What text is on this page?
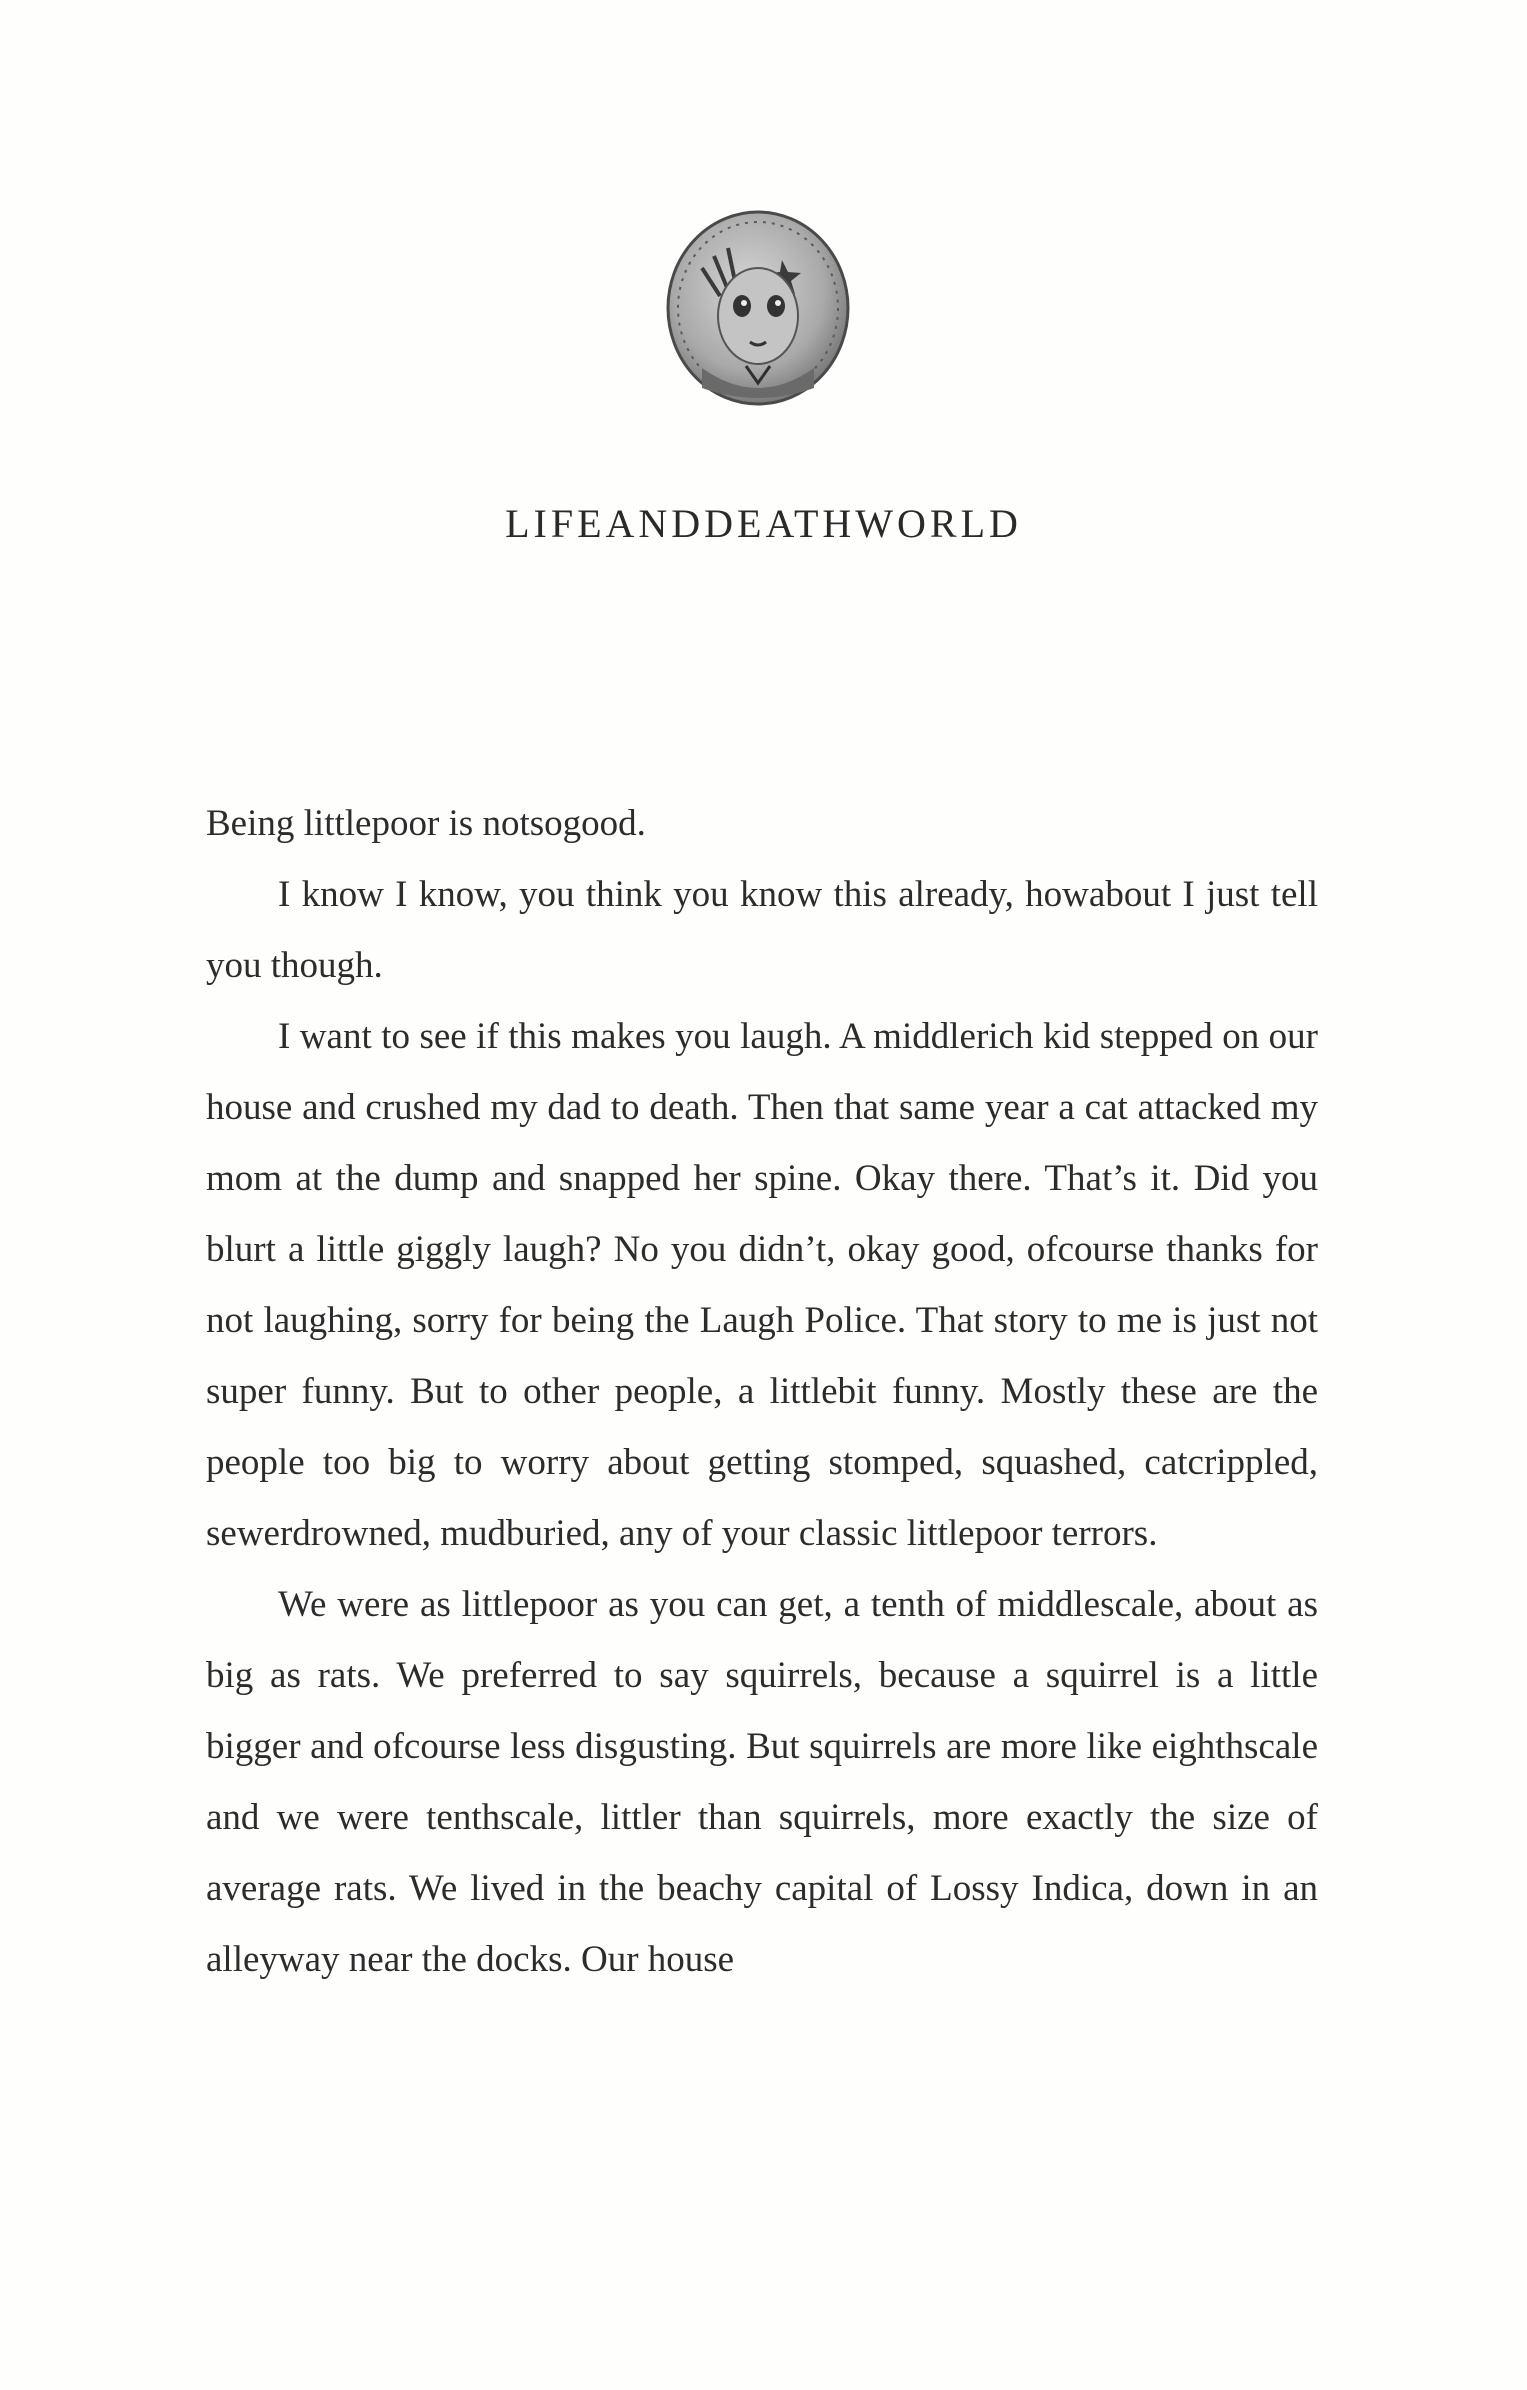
LIFEANDDEATHWORLD

Being littlepoor is notsogood.

I know I know, you think you know this already, howabout I just tell you though.

I want to see if this makes you laugh. A middlerich kid stepped on our house and crushed my dad to death. Then that same year a cat attacked my mom at the dump and snapped her spine. Okay there. That’s it. Did you blurt a little giggly laugh? No you didn’t, okay good, ofcourse thanks for not laughing, sorry for being the Laugh Police. That story to me is just not super funny. But to other people, a littlebit funny. Mostly these are the people too big to worry about getting stomped, squashed, catcrippled, sewerdrowned, mudburied, any of your classic littlepoor terrors.

We were as littlepoor as you can get, a tenth of middlescale, about as big as rats. We preferred to say squirrels, because a squirrel is a little bigger and ofcourse less disgusting. But squirrels are more like eighthscale and we were tenthscale, littler than squirrels, more exactly the size of average rats. We lived in the beachy capital of Lossy Indica, down in an alleyway near the docks. Our house
